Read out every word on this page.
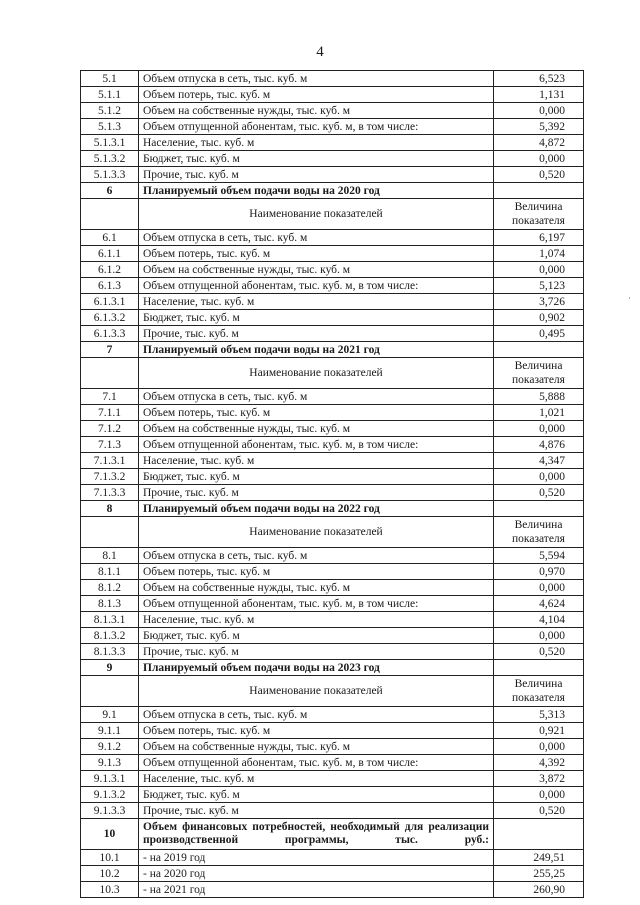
4
·
5.1	Объем отпуска в сеть, тыс. куб. м	6,523
5.1.1	Объем потерь, тыс. куб. м	1,131
5.1.2	Объем на собственные нужды, тыс. куб. м	0,000
5.1.3	Объем отпущенной абонентам, тыс. куб. м, в том числе:	5,392
5.1.3.1	Население, тыс. куб. м	4,872
5.1.3.2	Бюджет, тыс. куб. м	0,000
5.1.3.3	Прочие, тыс. куб. м	0,520
6	Планируемый объем подачи воды на 2020 год	
	Наименование показателей	Величина показателя
6.1	Объем отпуска в сеть, тыс. куб. м	6,197
6.1.1	Объем потерь, тыс. куб. м	1,074
6.1.2	Объем на собственные нужды, тыс. куб. м	0,000
6.1.3	Объем отпущенной абонентам, тыс. куб. м, в том числе:	5,123
6.1.3.1	Население, тыс. куб. м	3,726
6.1.3.2	Бюджет, тыс. куб. м	0,902
6.1.3.3	Прочие, тыс. куб. м	0,495
7	Планируемый объем подачи воды на 2021 год	
	Наименование показателей	Величина показателя
7.1	Объем отпуска в сеть, тыс. куб. м	5,888
7.1.1	Объем потерь, тыс. куб. м	1,021
7.1.2	Объем на собственные нужды, тыс. куб. м	0,000
7.1.3	Объем отпущенной абонентам, тыс. куб. м, в том числе:	4,876
7.1.3.1	Население, тыс. куб. м	4,347
7.1.3.2	Бюджет, тыс. куб. м	0,000
7.1.3.3	Прочие, тыс. куб. м	0,520
8	Планируемый объем подачи воды на 2022 год	
	Наименование показателей	Величина показателя
8.1	Объем отпуска в сеть, тыс. куб. м	5,594
8.1.1	Объем потерь, тыс. куб. м	0,970
8.1.2	Объем на собственные нужды, тыс. куб. м	0,000
8.1.3	Объем отпущенной абонентам, тыс. куб. м, в том числе:	4,624
8.1.3.1	Население, тыс. куб. м	4,104
8.1.3.2	Бюджет, тыс. куб. м	0,000
8.1.3.3	Прочие, тыс. куб. м	0,520
9	Планируемый объем подачи воды на 2023 год	
	Наименование показателей	Величина показателя
9.1	Объем отпуска в сеть, тыс. куб. м	5,313
9.1.1	Объем потерь, тыс. куб. м	0,921
9.1.2	Объем на собственные нужды, тыс. куб. м	0,000
9.1.3	Объем отпущенной абонентам, тыс. куб. м, в том числе:	4,392
9.1.3.1	Население, тыс. куб. м	3,872
9.1.3.2	Бюджет, тыс. куб. м	0,000
9.1.3.3	Прочие, тыс. куб. м	0,520
10	Объем финансовых потребностей, необходимый для реализации производственной программы, тыс. руб.:	
10.1	- на 2019 год	249,51
10.2	- на 2020 год	255,25
10.3	- на 2021 год	260,90
